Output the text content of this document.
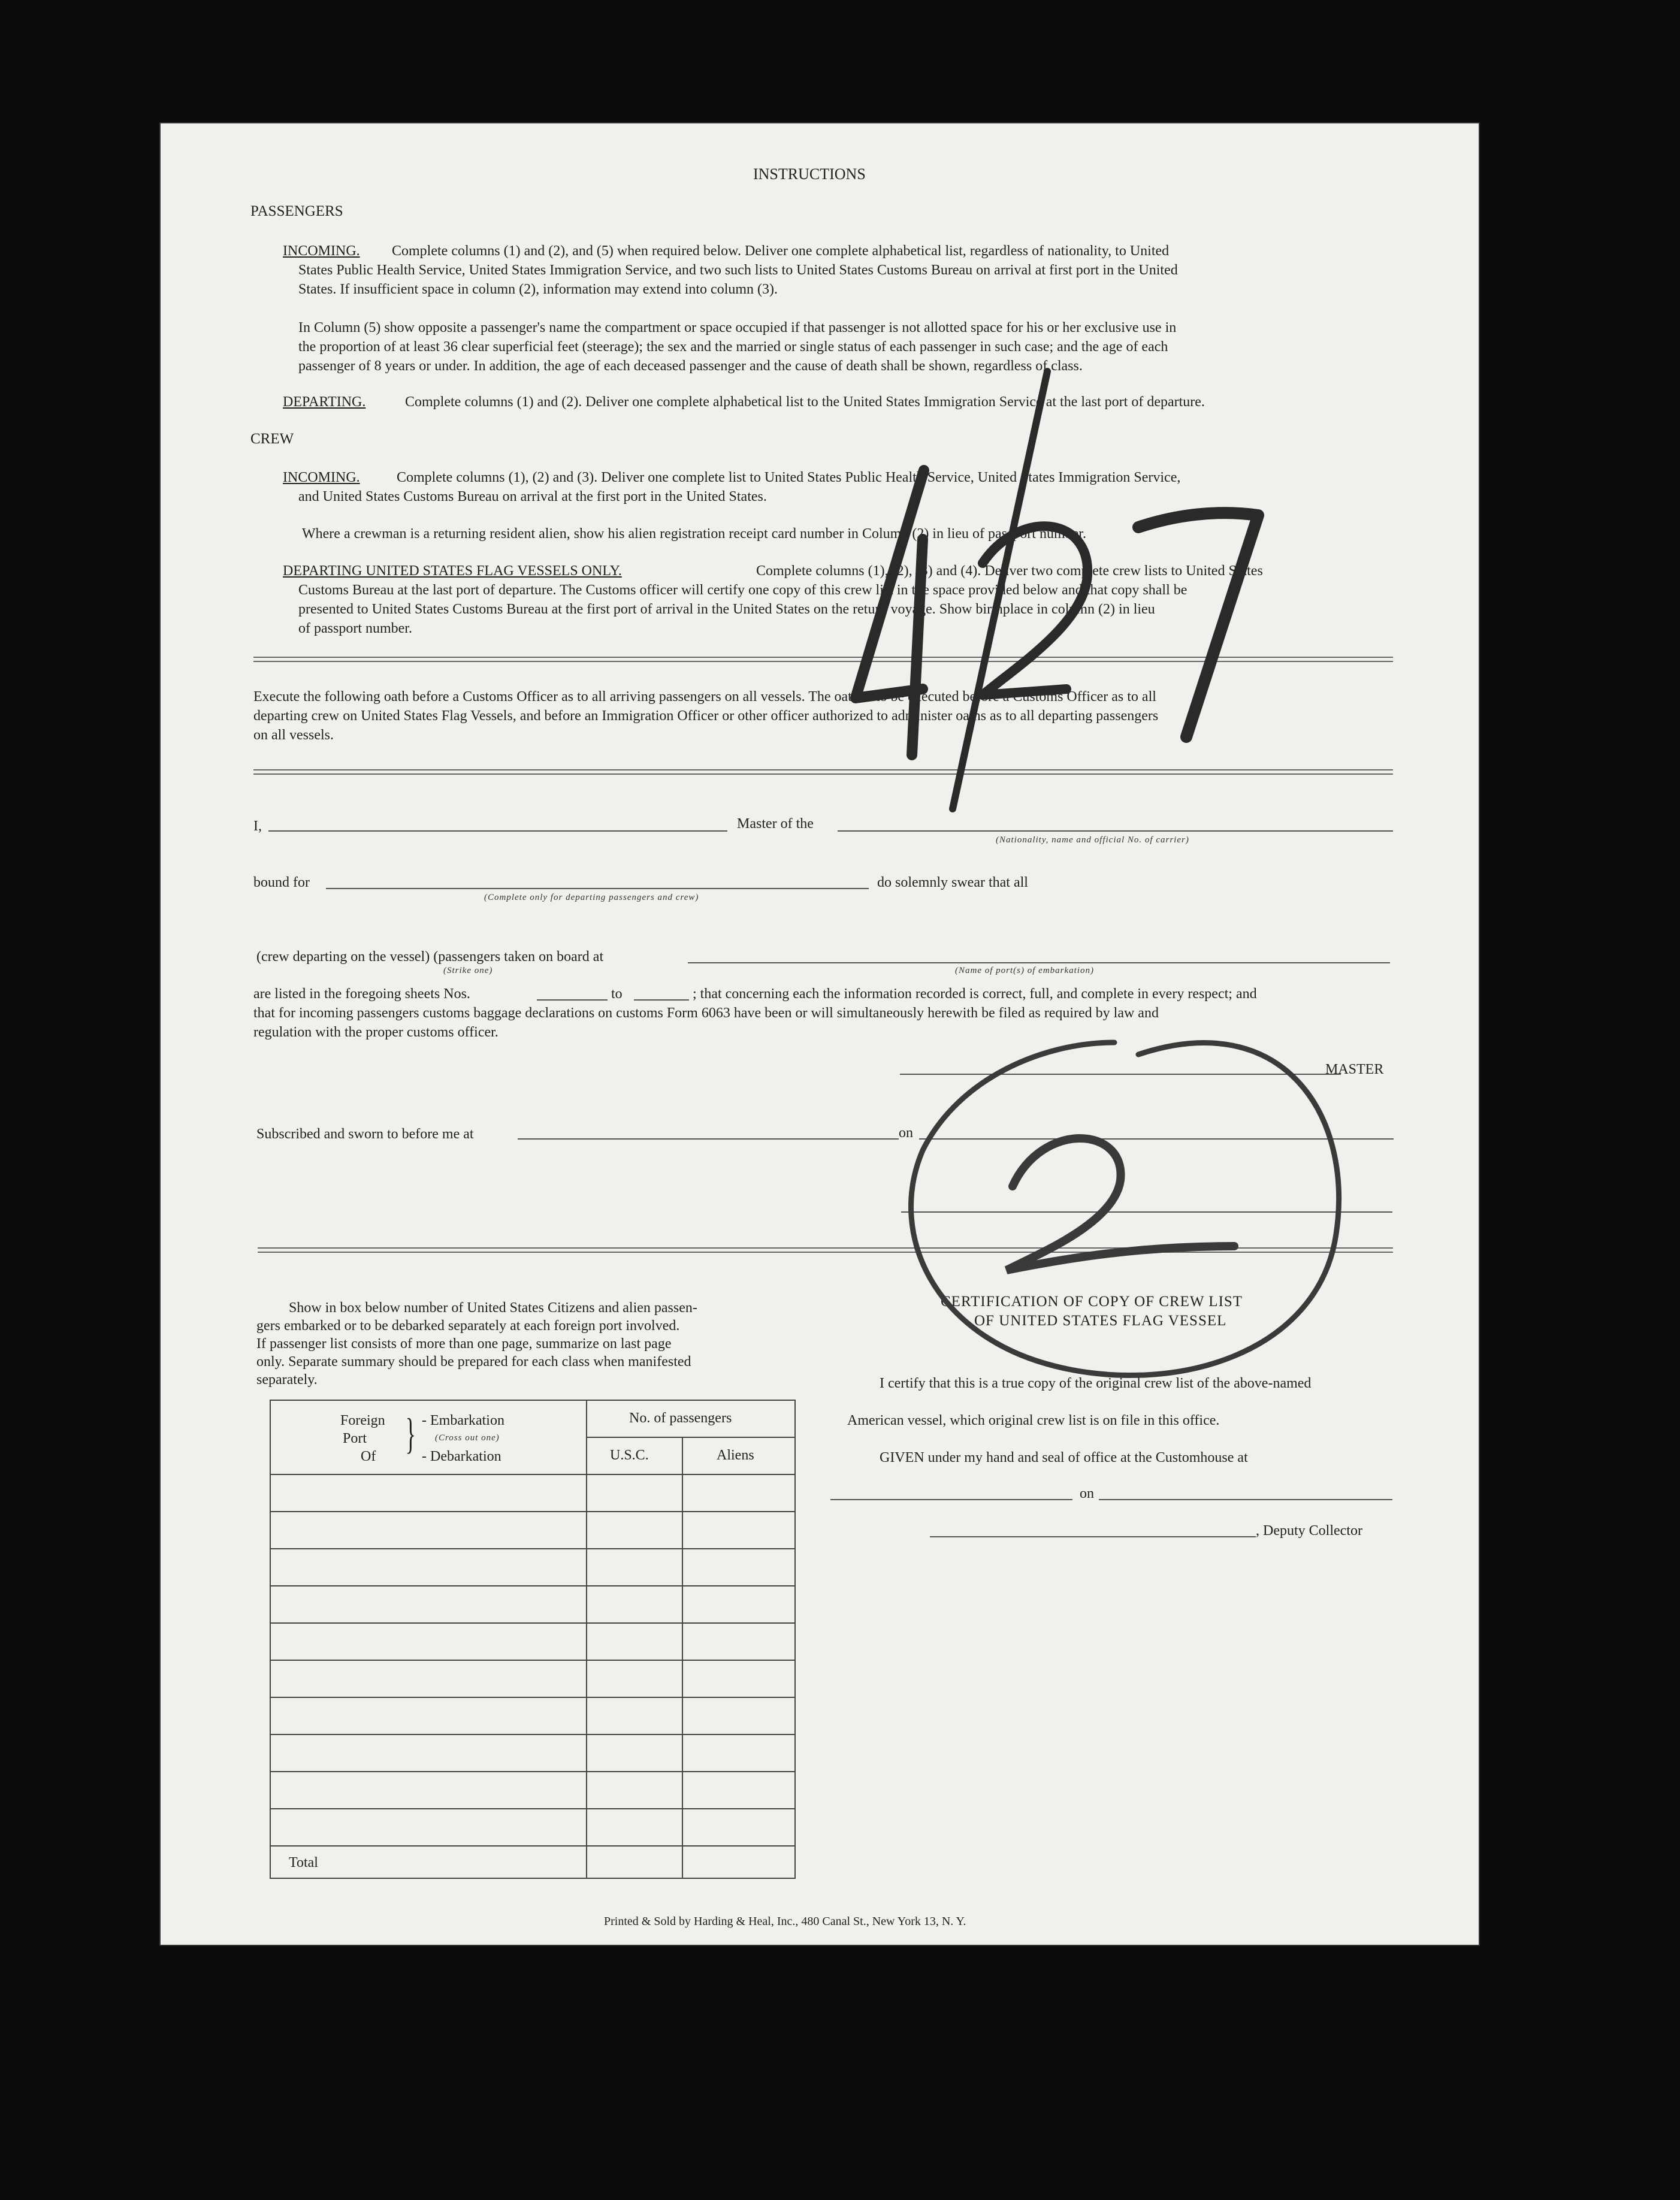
INSTRUCTIONS
PASSENGERS
INCOMING. Complete columns (1) and (2), and (5) when required below. Deliver one complete alphabetical list, regardless of nationality, to United
States Public Health Service, United States Immigration Service, and two such lists to United States Customs Bureau on arrival at first port in the United
States. If insufficient space in column (2), information may extend into column (3).
In Column (5) show opposite a passenger's name the compartment or space occupied if that passenger is not allotted space for his or her exclusive use in
the proportion of at least 36 clear superficial feet (steerage); the sex and the married or single status of each passenger in such case; and the age of each
passenger of 8 years or under. In addition, the age of each deceased passenger and the cause of death shall be shown, regardless of class.
DEPARTING.	Complete columns (1) and (2). Deliver one complete alphabetical list to the United States Immigration Service at the last port of departure.
CREW
INCOMING.	Complete columns (1), (2) and (3). Deliver one complete list to United States Public Health Service, United States Immigration Service,
and United States Customs Bureau on arrival at the first port in the United States.
Where a crewman is a returning resident alien, show his alien registration receipt card number in Column (2) in lieu of passport number.
DEPARTING UNITED STATES FLAG VESSELS ONLY.	Complete columns (1), (2), (3) and (4). Deliver two complete crew lists to United States
Customs Bureau at the last port of departure. The Customs officer will certify one copy of this crew list in the space provided below and that copy shall be
presented to United States Customs Bureau at the first port of arrival in the United States on the return voyage. Show birthplace in column (2) in lieu
of passport number.
Execute the following oath before a Customs Officer as to all arriving passengers on all vessels. The oath is to be executed before a Customs Officer as to all
departing crew on United States Flag Vessels, and before an Immigration Officer or other officer authorized to administer oaths as to all departing passengers
on all vessels.
I,	Master of the
(Nationality, name and official No. of carrier)
bound for
(Complete only for departing passengers and crew)
do solemnly swear that all
(crew departing on the vessel) (passengers taken on board at
(Strike one)	(Name of port(s) of embarkation)
are listed in the foregoing sheets Nos.	to	; that concerning each the information recorded is correct, full, and complete in every respect; and
that for incoming passengers customs baggage declarations on customs Form 6063 have been or will simultaneously herewith be filed as required by law and
regulation with the proper customs officer.
MASTER
Subscribed and sworn to before me at	on
Show in box below number of United States Citizens and alien passen-
gers embarked or to be debarked separately at each foreign port involved.
If passenger list consists of more than one page, summarize on last page
only. Separate summary should be prepared for each class when manifested
separately.
Foreign
Port
Of } - Embarkation
(Cross out one)
- Debarkation
No. of passengers
U.S.C.	Aliens
Total
CERTIFICATION OF COPY OF CREW LIST
OF UNITED STATES FLAG VESSEL
I certify that this is a true copy of the original crew list of the above-named
American vessel, which original crew list is on file in this office.
GIVEN under my hand and seal of office at the Customhouse at
on
, Deputy Collector
Printed & Sold by Harding & Heal, Inc., 480 Canal St., New York 13, N. Y.
